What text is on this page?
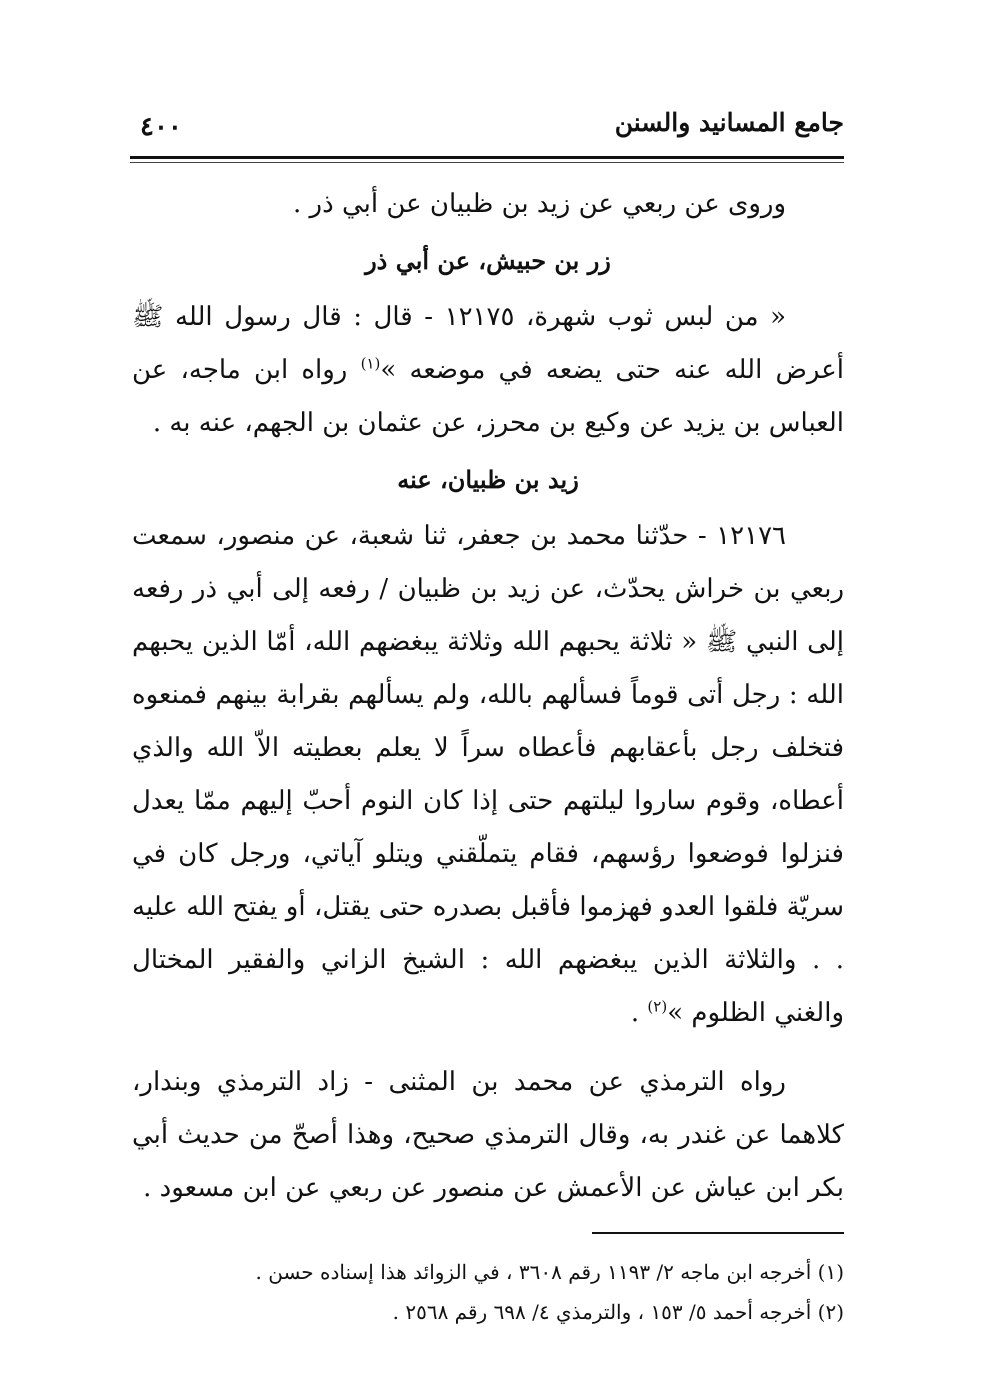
جامع المسانيد والسنن
٤٠٠

وروى عن ربعي عن زيد بن ظبيان عن أبي ذر .

زر بن حبيش، عن أبي ذر

« من لبس ثوب شهرة، ١٢١٧٥ - قال : قال رسول الله ﷺ أعرض الله عنه حتى يضعه في موضعه »$^{(١)}$ رواه ابن ماجه، عن العباس بن يزيد عن وكيع بن محرز، عن عثمان بن الجهم، عنه به .

زيد بن ظبيان، عنه

١٢١٧٦ - حدّثنا محمد بن جعفر، ثنا شعبة، عن منصور، سمعت ربعي بن خراش يحدّث، عن زيد بن ظبيان / رفعه إلى أبي ذر رفعه إلى النبي ﷺ « ثلاثة يحبهم الله وثلاثة يبغضهم الله، أمّا الذين يحبهم الله : رجل أتى قوماً فسألهم بالله، ولم يسألهم بقرابة بينهم فمنعوه فتخلف رجل بأعقابهم فأعطاه سراً لا يعلم بعطيته الاّ الله والذي أعطاه، وقوم ساروا ليلتهم حتى إذا كان النوم أحبّ إليهم ممّا يعدل فنزلوا فوضعوا رؤسهم، فقام يتملّقني ويتلو آياتي، ورجل كان في سريّة فلقوا العدو فهزموا فأقبل بصدره حتى يقتل، أو يفتح الله عليه . . والثلاثة الذين يبغضهم الله : الشيخ الزاني والفقير المختال والغني الظلوم »$^{(٢)}$ .

رواه الترمذي عن محمد بن المثنى - زاد الترمذي وبندار، كلاهما عن غندر به، وقال الترمذي صحيح، وهذا أصحّ من حديث أبي بكر ابن عياش عن الأعمش عن منصور عن ربعي عن ابن مسعود .

(١) أخرجه ابن ماجه ٢/ ١١٩٣ رقم ٣٦٠٨ ، في الزوائد هذا إسناده حسن .

(٢) أخرجه أحمد ٥/ ١٥٣ ، والترمذي ٤/ ٦٩٨ رقم ٢٥٦٨ .
